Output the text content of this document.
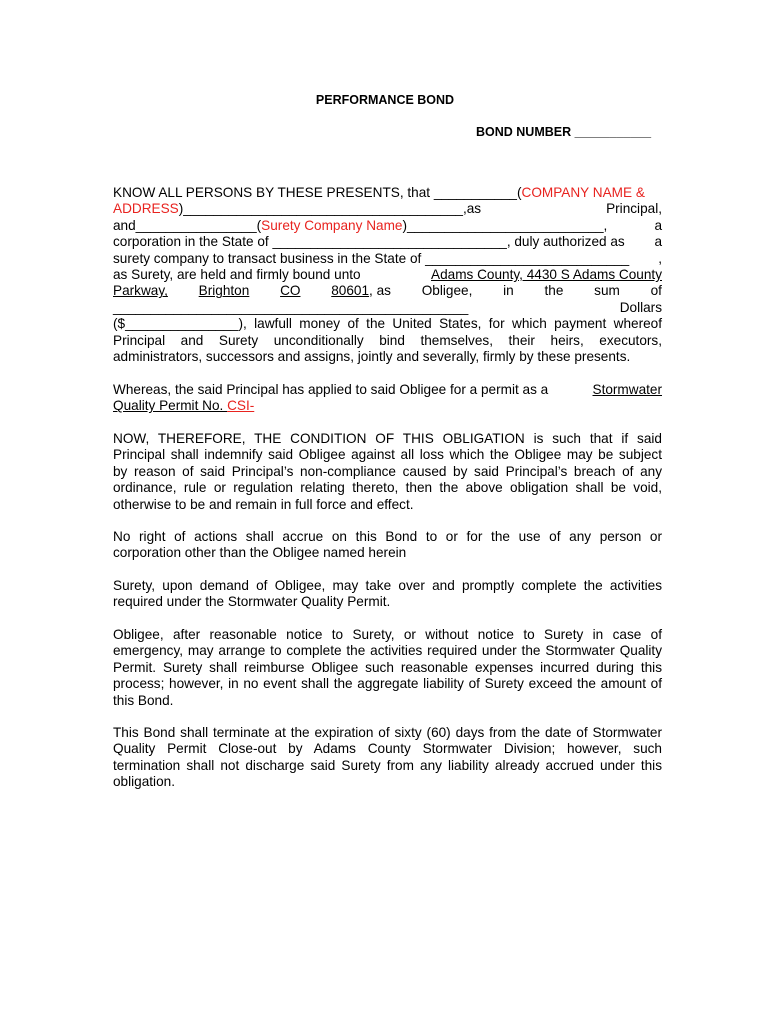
PERFORMANCE BOND
BOND NUMBER ___________
KNOW ALL PERSONS BY THESE PRESENTS, that ___________(COMPANY NAME &
ADDRESS)_____________________________________,as	Principal,
and________________(Surety Company Name)__________________________,	a
corporation in the State of _______________________________, duly authorized as a
surety company to transact business in the State of ___________________________ ,
as Surety, are held and firmly bound unto	Adams County, 4430 S Adams County
Parkway, Brighton CO 80601, as Obligee, in the sum of
_______________________________________________	Dollars
($_______________), lawfull money of the United States, for which payment whereof
Principal and Surety unconditionally bind themselves, their heirs, executors,
administrators, successors and assigns, jointly and severally, firmly by these presents.
Whereas, the said Principal has applied to said Obligee for a permit as a	Stormwater
Quality Permit No. CSI-
NOW, THEREFORE, THE CONDITION OF THIS OBLIGATION is such that if said
Principal shall indemnify said Obligee against all loss which the Obligee may be subject
by reason of said Principal’s non-compliance caused by said Principal’s breach of any
ordinance, rule or regulation relating thereto, then the above obligation shall be void,
otherwise to be and remain in full force and effect.
No right of actions shall accrue on this Bond to or for the use of any person or
corporation other than the Obligee named herein
Surety, upon demand of Obligee, may take over and promptly complete the activities
required under the Stormwater Quality Permit.
Obligee, after reasonable notice to Surety, or without notice to Surety in case of
emergency, may arrange to complete the activities required under the Stormwater Quality
Permit. Surety shall reimburse Obligee such reasonable expenses incurred during this
process; however, in no event shall the aggregate liability of Surety exceed the amount of
this Bond.
This Bond shall terminate at the expiration of sixty (60) days from the date of Stormwater
Quality Permit Close-out by Adams County Stormwater Division; however, such
termination shall not discharge said Surety from any liability already accrued under this
obligation.
